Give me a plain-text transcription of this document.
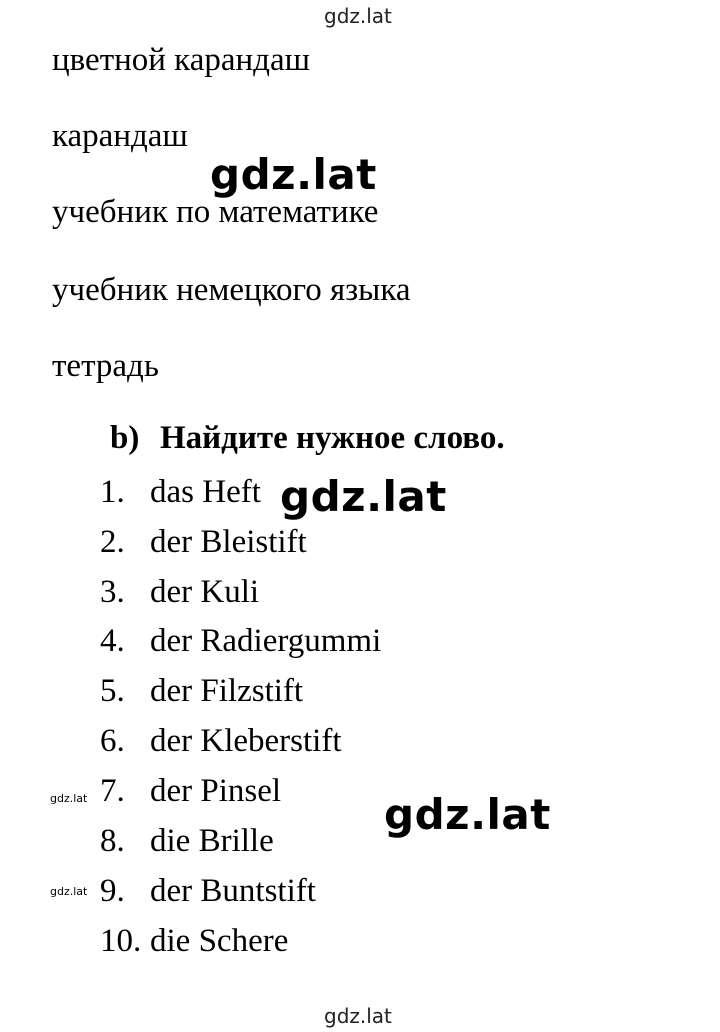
gdz.lat
gdz.lat
gdz.lat
gdz.lat
gdz.lat
gdz.lat
gdz.lat
цветной карандаш
карандаш
учебник по математике
учебник немецкого языка
тетрадь
b) Найдите нужное слово.
1. das Heft
2. der Bleistift
3. der Kuli
4. der Radiergummi
5. der Filzstift
6. der Kleberstift
7. der Pinsel
8. die Brille
9. der Buntstift
10. die Schere
